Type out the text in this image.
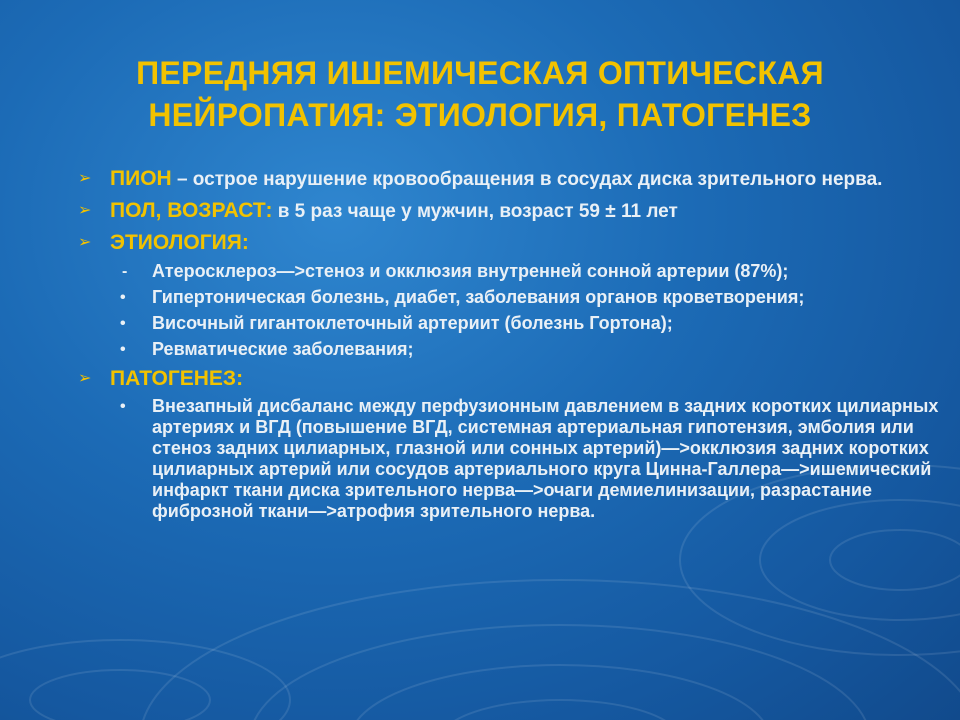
ПЕРЕДНЯЯ ИШЕМИЧЕСКАЯ ОПТИЧЕСКАЯ
НЕЙРОПАТИЯ: ЭТИОЛОГИЯ, ПАТОГЕНЕЗ
➢ ПИОН – острое нарушение кровообращения в сосудах диска зрительного нерва.
➢ ПОЛ, ВОЗРАСТ: в 5 раз чаще у мужчин, возраст 59 ± 11 лет
➢ ЭТИОЛОГИЯ:
- Атеросклероз—>стеноз и окклюзия внутренней сонной артерии (87%);
• Гипертоническая болезнь, диабет, заболевания органов кроветворения;
• Височный гигантоклеточный артериит (болезнь Гортона);
• Ревматические заболевания;
➢ ПАТОГЕНЕЗ:
• Внезапный дисбаланс между перфузионным давлением в задних коротких цилиарных артериях и ВГД (повышение ВГД, системная артериальная гипотензия, эмболия или стеноз задних цилиарных, глазной или сонных артерий)—>окклюзия задних коротких цилиарных артерий или сосудов артериального круга Цинна-Галлера—>ишемический инфаркт ткани диска зрительного нерва—>очаги демиелинизации, разрастание фиброзной ткани—>атрофия зрительного нерва.
